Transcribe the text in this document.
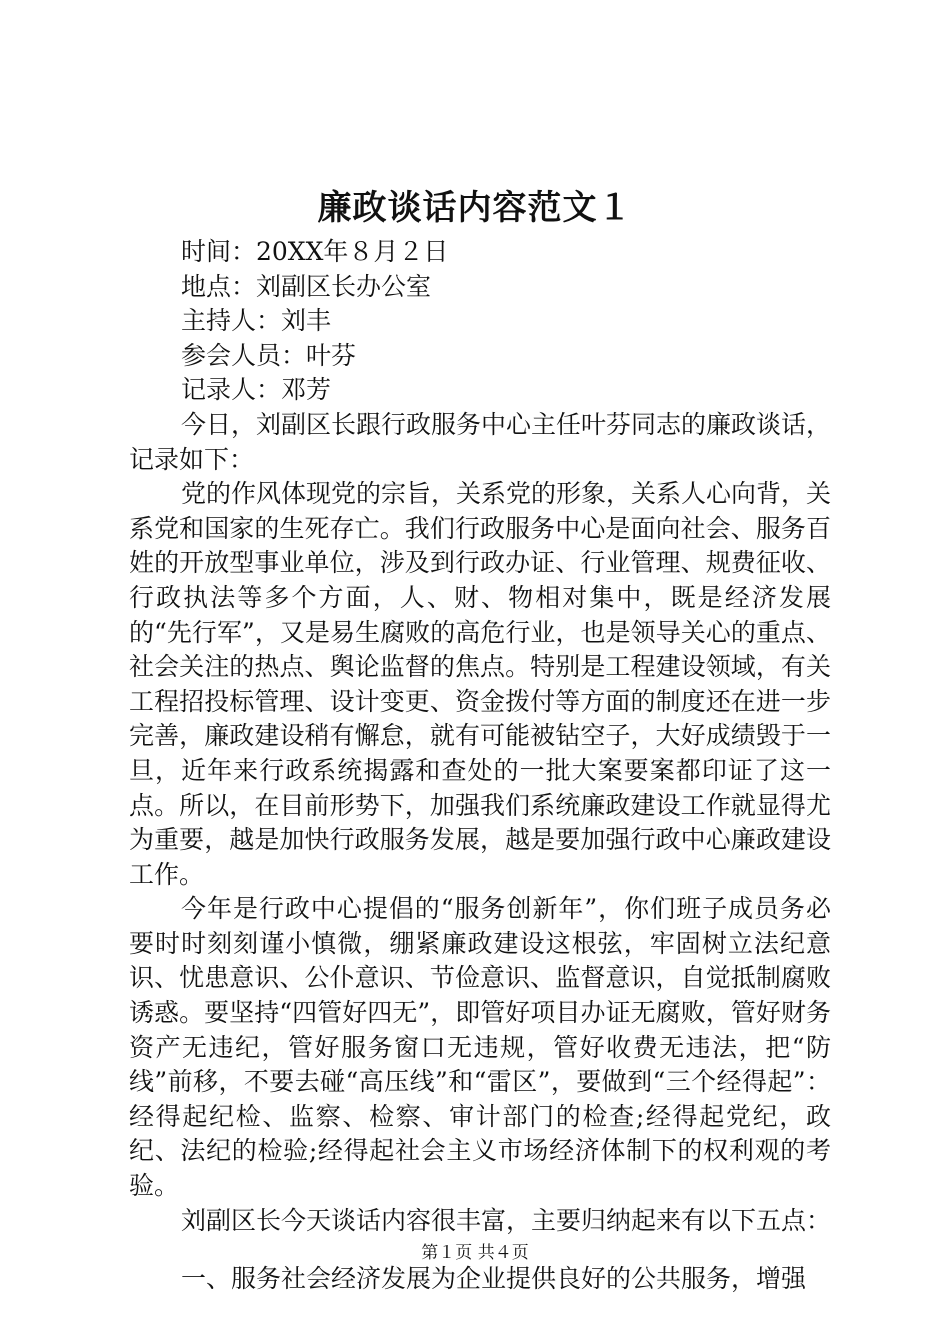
廉政谈话内容范文１

时间：20XX年８月２日

地点：刘副区长办公室

主持人：刘丰

参会人员：叶芬

记录人：邓芳

今日，刘副区长跟行政服务中心主任叶芬同志的廉政谈话，记录如下：

党的作风体现党的宗旨，关系党的形象，关系人心向背，关系党和国家的生死存亡。我们行政服务中心是面向社会、服务百姓的开放型事业单位，涉及到行政办证、行业管理、规费征收、行政执法等多个方面，人、财、物相对集中，既是经济发展的“先行军”，又是易生腐败的高危行业，也是领导关心的重点、社会关注的热点、舆论监督的焦点。特别是工程建设领域，有关工程招投标管理、设计变更、资金拨付等方面的制度还在进一步完善，廉政建设稍有懈怠，就有可能被钻空子，大好成绩毁于一旦，近年来行政系统揭露和查处的一批大案要案都印证了这一点。所以，在目前形势下，加强我们系统廉政建设工作就显得尤为重要，越是加快行政服务发展，越是要加强行政中心廉政建设工作。

今年是行政中心提倡的“服务创新年”，你们班子成员务必要时时刻刻谨小慎微，绷紧廉政建设这根弦，牢固树立法纪意识、忧患意识、公仆意识、节俭意识、监督意识，自觉抵制腐败诱惑。要坚持“四管好四无”，即管好项目办证无腐败，管好财务资产无违纪，管好服务窗口无违规，管好收费无违法，把“防线”前移，不要去碰“高压线”和“雷区”，要做到“三个经得起”：经得起纪检、监察、检察、审计部门的检查;经得起党纪，政纪、法纪的检验;经得起社会主义市场经济体制下的权利观的考验。

刘副区长今天谈话内容很丰富，主要归纳起来有以下五点：

一、服务社会经济发展为企业提供良好的公共服务，增强

第１页 共４页
